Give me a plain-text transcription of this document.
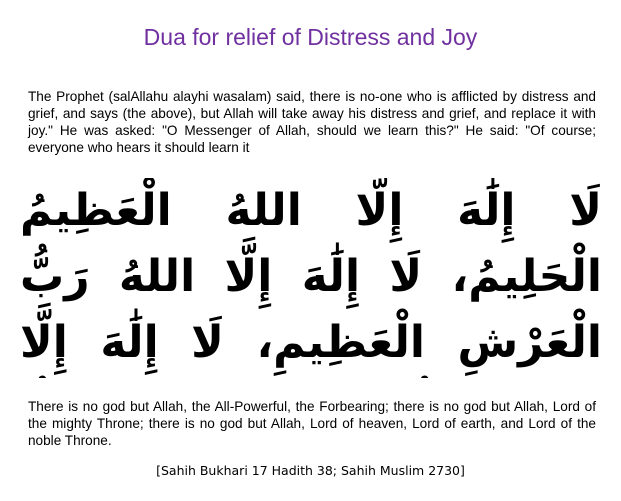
Dua for relief of Distress and Joy
The Prophet (salAllahu alayhi wasalam) said, there is no-one who is afflicted by distress and grief, and says (the above), but Allah will take away his distress and grief, and replace it with joy." He was asked: "O Messenger of Allah, should we learn this?" He said: "Of course; everyone who hears it should learn it
لَا إِلَٰهَ إِلَّا اللهُ الْعَظِيمُ الْحَلِيمُ، لَا إِلَٰهَ إِلَّا اللهُ رَبُّ الْعَرْشِ الْعَظِيمِ، لَا إِلَٰهَ إِلَّا
There is no god but Allah, the All-Powerful, the Forbearing; there is no god but Allah, Lord of the mighty Throne; there is no god but Allah, Lord of heaven, Lord of earth, and Lord of the noble Throne.
[Sahih Bukhari 17 Hadith 38; Sahih Muslim 2730]
